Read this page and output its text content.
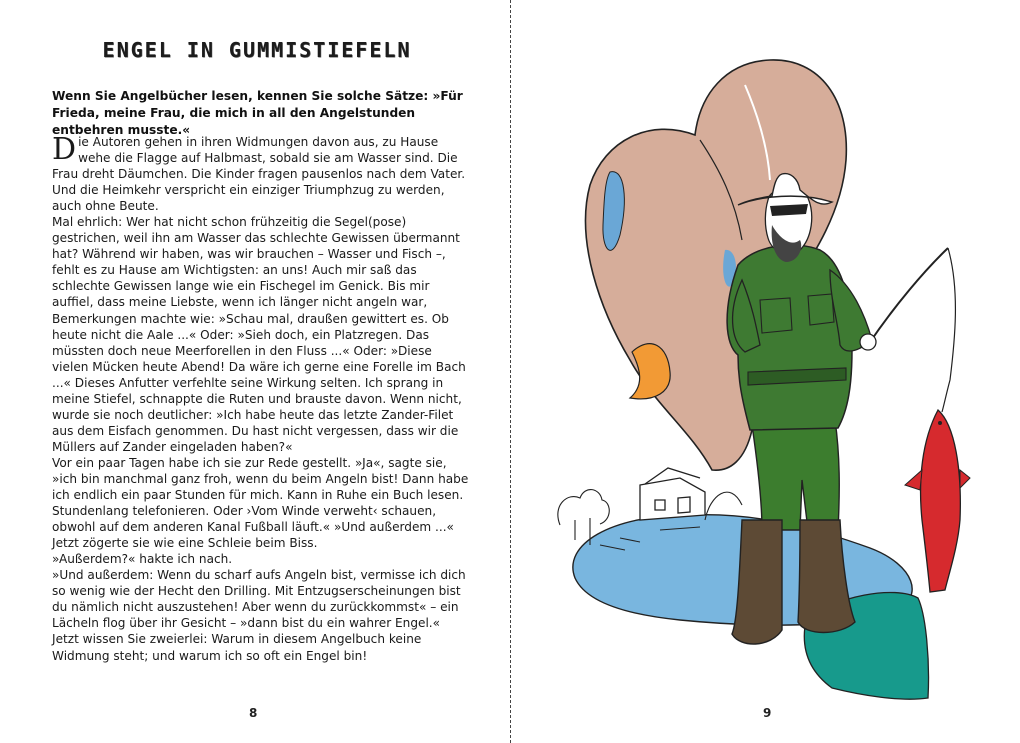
ENGEL IN GUMMISTIEFELN
Wenn Sie Angelbücher lesen, kennen Sie solche Sätze: »Für Frieda, meine Frau, die mich in all den Angelstunden entbehren musste.«

Die Autoren gehen in ihren Widmungen davon aus, zu Hause wehe die Flagge auf Halbmast, sobald sie am Wasser sind. Die Frau dreht Däumchen. Die Kinder fragen pausenlos nach dem Vater. Und die Heimkehr verspricht ein einziger Triumphzug zu werden, auch ohne Beute.

Mal ehrlich: Wer hat nicht schon frühzeitig die Segel(pose) gestrichen, weil ihn am Wasser das schlechte Gewissen übermannt hat? Während wir haben, was wir brauchen – Wasser und Fisch –, fehlt es zu Hause am Wichtigsten: an uns! Auch mir saß das schlechte Gewissen lange wie ein Fischegel im Genick. Bis mir auffiel, dass meine Liebste, wenn ich länger nicht angeln war, Bemerkungen machte wie: »Schau mal, draußen gewittert es. Ob heute nicht die Aale ...« Oder: »Sieh doch, ein Platzregen. Das müssten doch neue Meerforellen in den Fluss ...« Oder: »Diese vielen Mücken heute Abend! Da wäre ich gerne eine Forelle im Bach ...« Dieses Anfutter verfehlte seine Wirkung selten. Ich sprang in meine Stiefel, schnappte die Ruten und brauste davon. Wenn nicht, wurde sie noch deutlicher: »Ich habe heute das letzte Zander-Filet aus dem Eisfach genommen. Du hast nicht vergessen, dass wir die Müllers auf Zander eingeladen haben?«

Vor ein paar Tagen habe ich sie zur Rede gestellt. »Ja«, sagte sie, »ich bin manchmal ganz froh, wenn du beim Angeln bist! Dann habe ich endlich ein paar Stunden für mich. Kann in Ruhe ein Buch lesen. Stundenlang telefonieren. Oder ›Vom Winde verweht‹ schauen, obwohl auf dem anderen Kanal Fußball läuft.« »Und außerdem ...« Jetzt zögerte sie wie eine Schleie beim Biss.

»Außerdem?« hakte ich nach.

»Und außerdem: Wenn du scharf aufs Angeln bist, vermisse ich dich so wenig wie der Hecht den Drilling. Mit Entzugserscheinungen bist du nämlich nicht auszustehen! Aber wenn du zurückkommst« – ein Lächeln flog über ihr Gesicht – »dann bist du ein wahrer Engel.«

Jetzt wissen Sie zweierlei: Warum in diesem Angelbuch keine Widmung steht; und warum ich so oft ein Engel bin!

8	9
